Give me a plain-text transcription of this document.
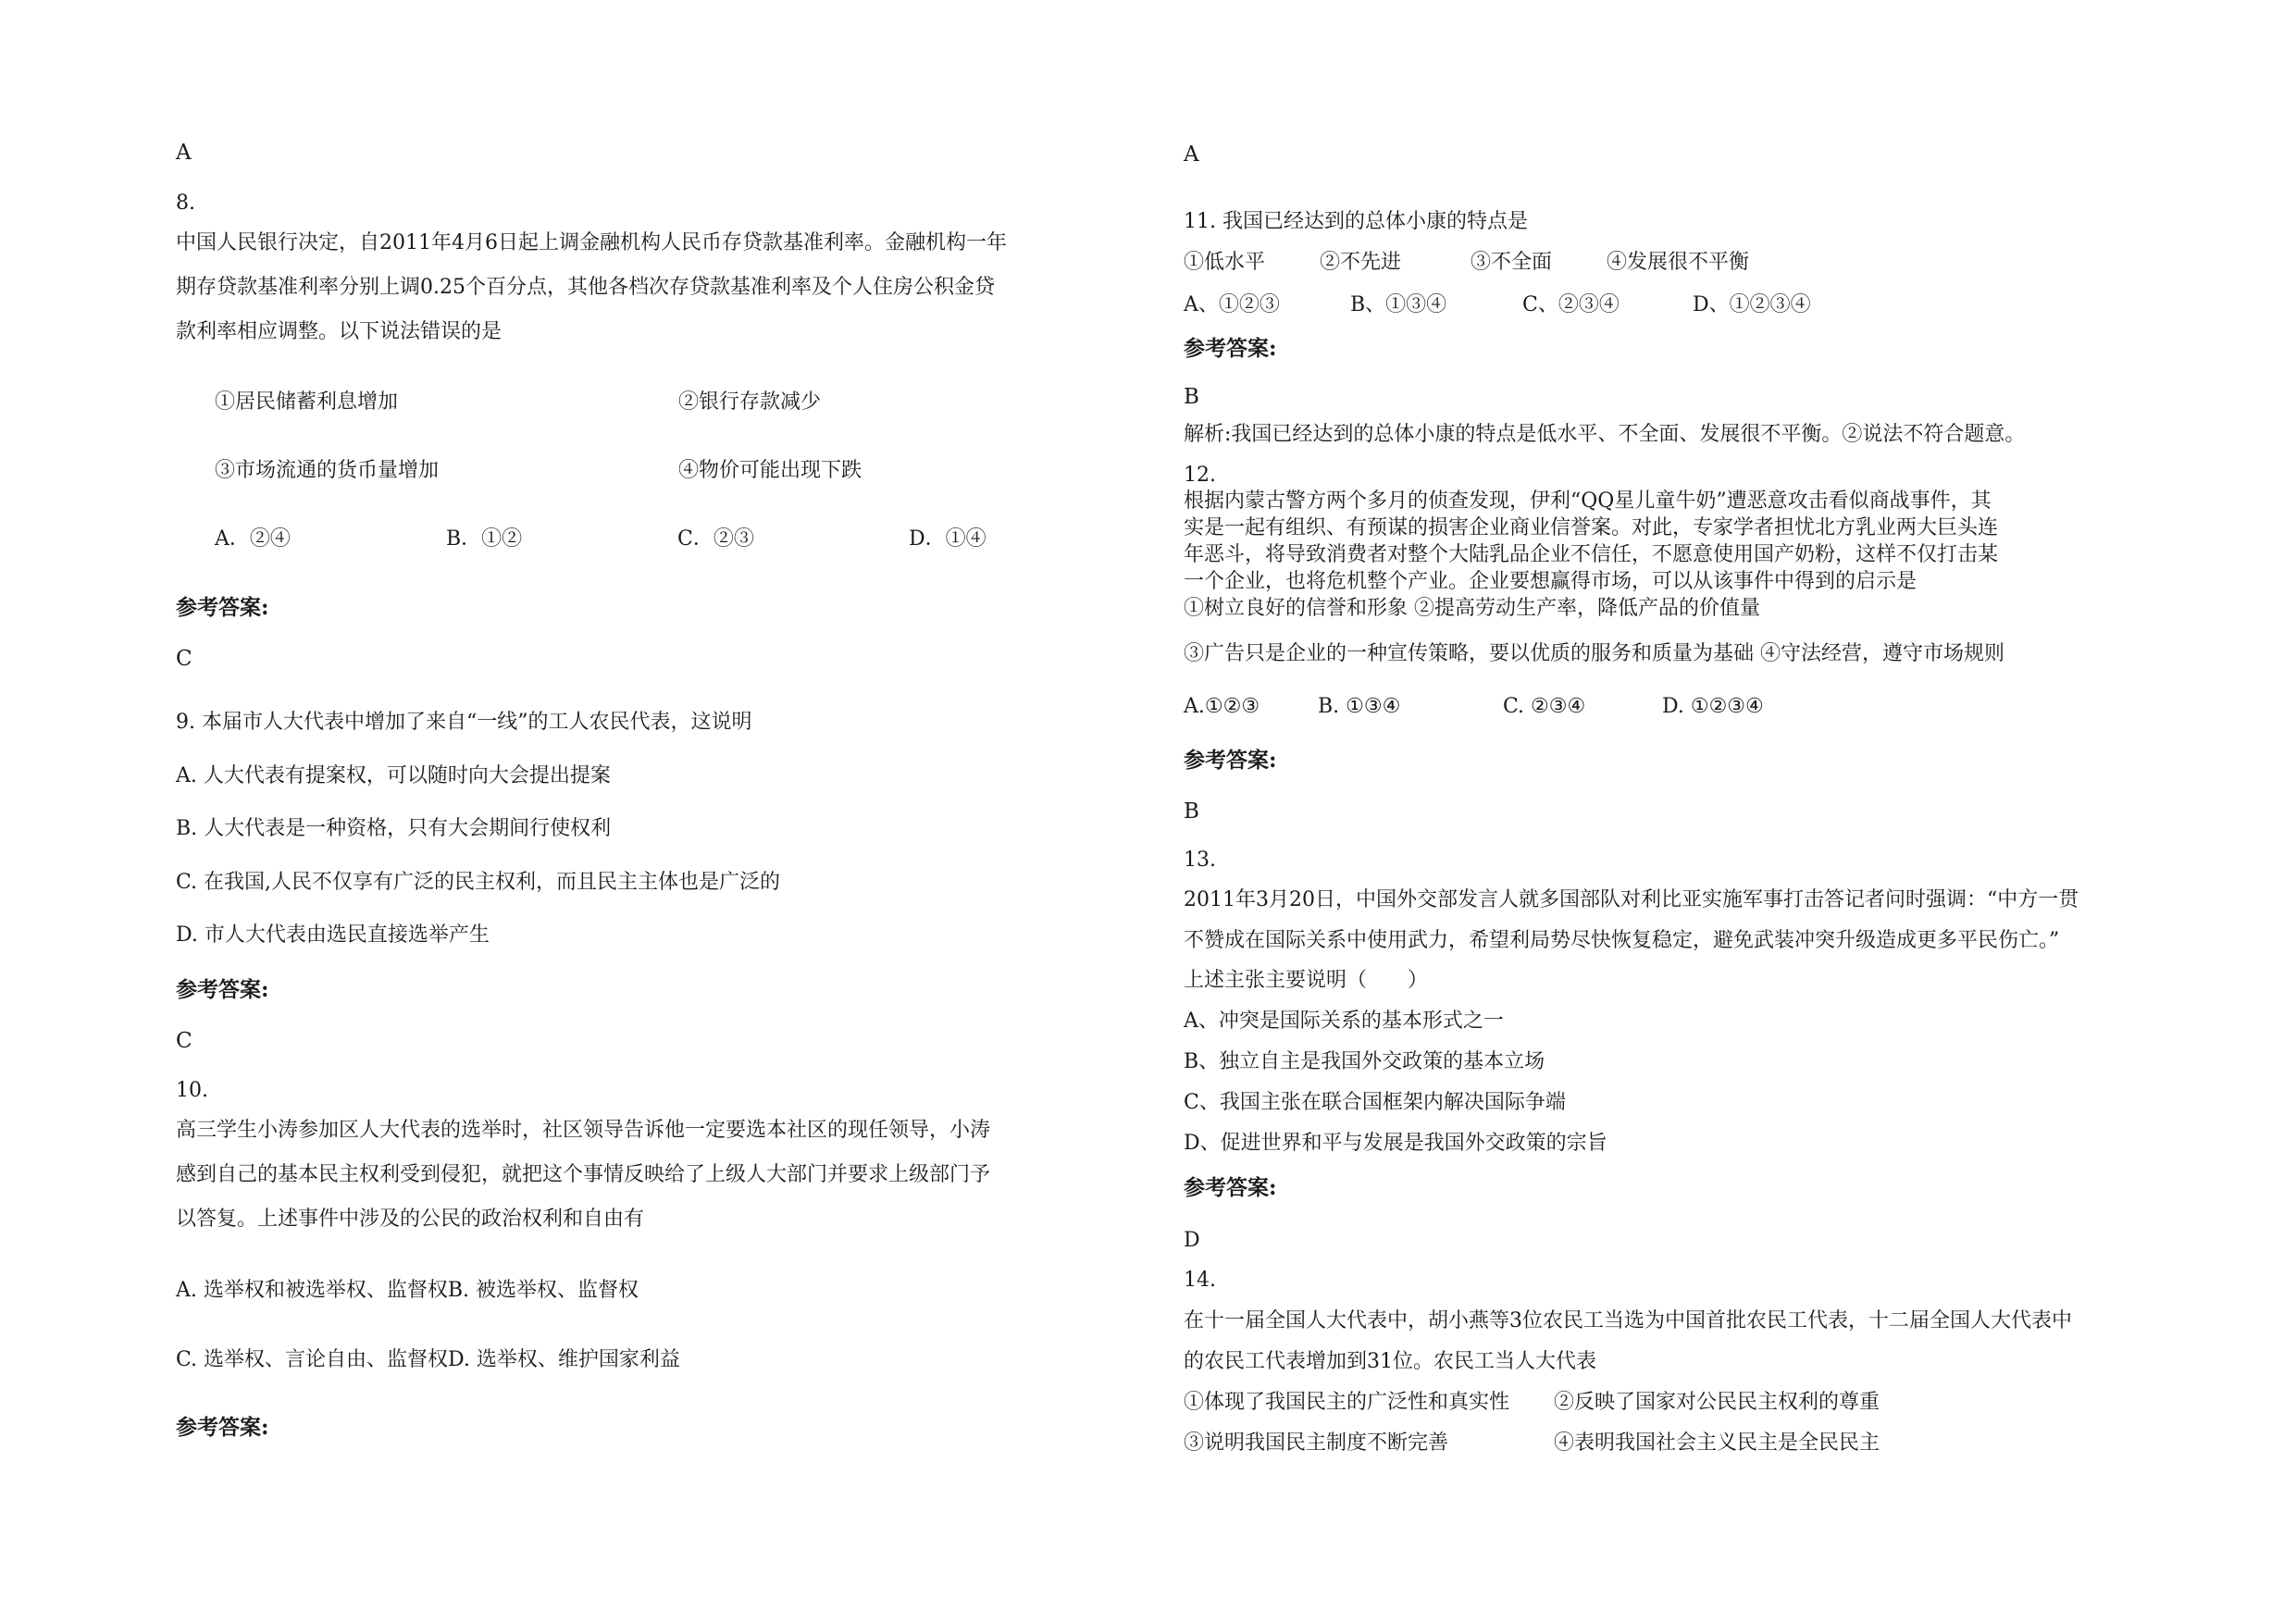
A
8.
中国人民银行决定，自2011年4月6日起上调金融机构人民币存贷款基准利率。金融机构一年
期存贷款基准利率分别上调0.25个百分点，其他各档次存贷款基准利率及个人住房公积金贷
款利率相应调整。以下说法错误的是
①居民储蓄利息增加	②银行存款减少
③市场流通的货币量增加	④物价可能出现下跌
A．②④	B．①②	C．②③	D．①④
参考答案:
C
9. 本届市人大代表中增加了来自“一线”的工人农民代表，这说明
A. 人大代表有提案权，可以随时向大会提出提案
B. 人大代表是一种资格，只有大会期间行使权利
C. 在我国,人民不仅享有广泛的民主权利，而且民主主体也是广泛的
D. 市人大代表由选民直接选举产生
参考答案:
C
10.
高三学生小涛参加区人大代表的选举时，社区领导告诉他一定要选本社区的现任领导，小涛
感到自己的基本民主权利受到侵犯，就把这个事情反映给了上级人大部门并要求上级部门予
以答复。上述事件中涉及的公民的政治权利和自由有
A. 选举权和被选举权、监督权B. 被选举权、监督权
C. 选举权、言论自由、监督权D. 选举权、维护国家利益
参考答案:
A
11. 我国已经达到的总体小康的特点是
①低水平	②不先进	③不全面	④发展很不平衡
A、①②③	B、①③④	C、②③④	D、①②③④
参考答案:
B
解析:我国已经达到的总体小康的特点是低水平、不全面、发展很不平衡。②说法不符合题意。
12.
根据内蒙古警方两个多月的侦查发现，伊利“QQ星儿童牛奶”遭恶意攻击看似商战事件，其
实是一起有组织、有预谋的损害企业商业信誉案。对此，专家学者担忧北方乳业两大巨头连
年恶斗，将导致消费者对整个大陆乳品企业不信任，不愿意使用国产奶粉，这样不仅打击某
一个企业，也将危机整个产业。企业要想赢得市场，可以从该事件中得到的启示是
①树立良好的信誉和形象 ②提高劳动生产率，降低产品的价值量
③广告只是企业的一种宣传策略，要以优质的服务和质量为基础 ④守法经营，遵守市场规则
A.①②③	B. ①③④	C. ②③④	D. ①②③④
参考答案:
B
13.
2011年3月20日，中国外交部发言人就多国部队对利比亚实施军事打击答记者问时强调：“中方一贯
不赞成在国际关系中使用武力，希望利局势尽快恢复稳定，避免武装冲突升级造成更多平民伤亡。”
上述主张主要说明（　　）
A、冲突是国际关系的基本形式之一
B、独立自主是我国外交政策的基本立场
C、我国主张在联合国框架内解决国际争端
D、促进世界和平与发展是我国外交政策的宗旨
参考答案:
D
14.
在十一届全国人大代表中，胡小燕等3位农民工当选为中国首批农民工代表，十二届全国人大代表中
的农民工代表增加到31位。农民工当人大代表
①体现了我国民主的广泛性和真实性 ②反映了国家对公民民主权利的尊重
③说明我国民主制度不断完善	④表明我国社会主义民主是全民民主
